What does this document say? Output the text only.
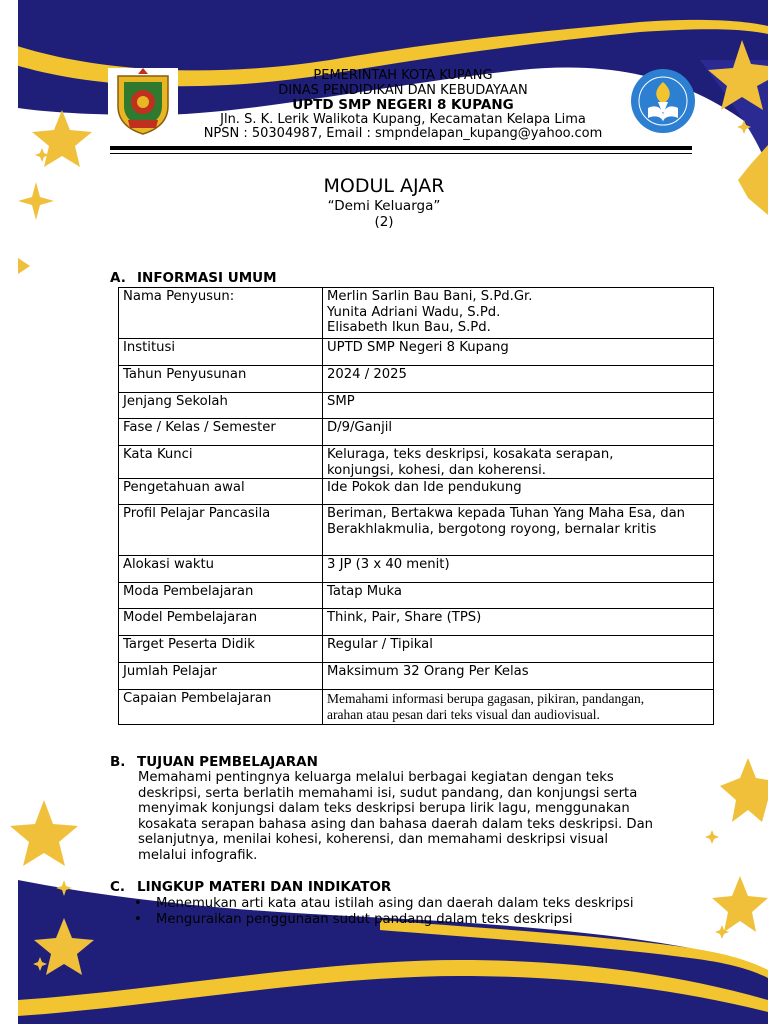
PEMERINTAH KOTA KUPANG
DINAS PENDIDIKAN DAN KEBUDAYAAN
UPTD SMP NEGERI 8 KUPANG
Jln. S. K. Lerik Walikota Kupang, Kecamatan Kelapa Lima
NPSN : 50304987, Email : smpndelapan_kupang@yahoo.com
MODUL AJAR
“Demi Keluarga”
(2)
A. INFORMASI UMUM
Nama Penyusun:	Merlin Sarlin Bau Bani, S.Pd.Gr.
Yunita Adriani Wadu, S.Pd.
Elisabeth Ikun Bau, S.Pd.

Institusi	UPTD SMP Negeri 8 Kupang
Tahun Penyusunan	2024 / 2025
Jenjang Sekolah	SMP
Fase / Kelas / Semester	D/9/Ganjil
Kata Kunci	Keluraga, teks deskripsi, kosakata serapan,
konjungsi, kohesi, dan koherensi.

Pengetahuan awal	Ide Pokok dan Ide pendukung
Profil Pelajar Pancasila	Beriman, Bertakwa kepada Tuhan Yang Maha Esa, dan
Berakhlakmulia, bergotong royong, bernalar kritis

Alokasi waktu	3 JP (3 x 40 menit)
Moda Pembelajaran	Tatap Muka
Model Pembelajaran	Think, Pair, Share (TPS)
Target Peserta Didik	Regular / Tipikal
Jumlah Pelajar	Maksimum 32 Orang Per Kelas
Capaian Pembelajaran	Memahami informasi berupa gagasan, pikiran, pandangan,
arahan atau pesan dari teks visual dan audiovisual.
B. TUJUAN PEMBELAJARAN
Memahami pentingnya keluarga melalui berbagai kegiatan dengan teks
deskripsi, serta berlatih memahami isi, sudut pandang, dan konjungsi serta
menyimak konjungsi dalam teks deskripsi berupa lirik lagu, menggunakan
kosakata serapan bahasa asing dan bahasa daerah dalam teks deskripsi. Dan
selanjutnya, menilai kohesi, koherensi, dan memahami deskripsi visual
melalui infografik.
C. LINGKUP MATERI DAN INDIKATOR
• Menemukan arti kata atau istilah asing dan daerah dalam teks deskripsi
• Menguraikan penggunaan sudut pandang dalam teks deskripsi
